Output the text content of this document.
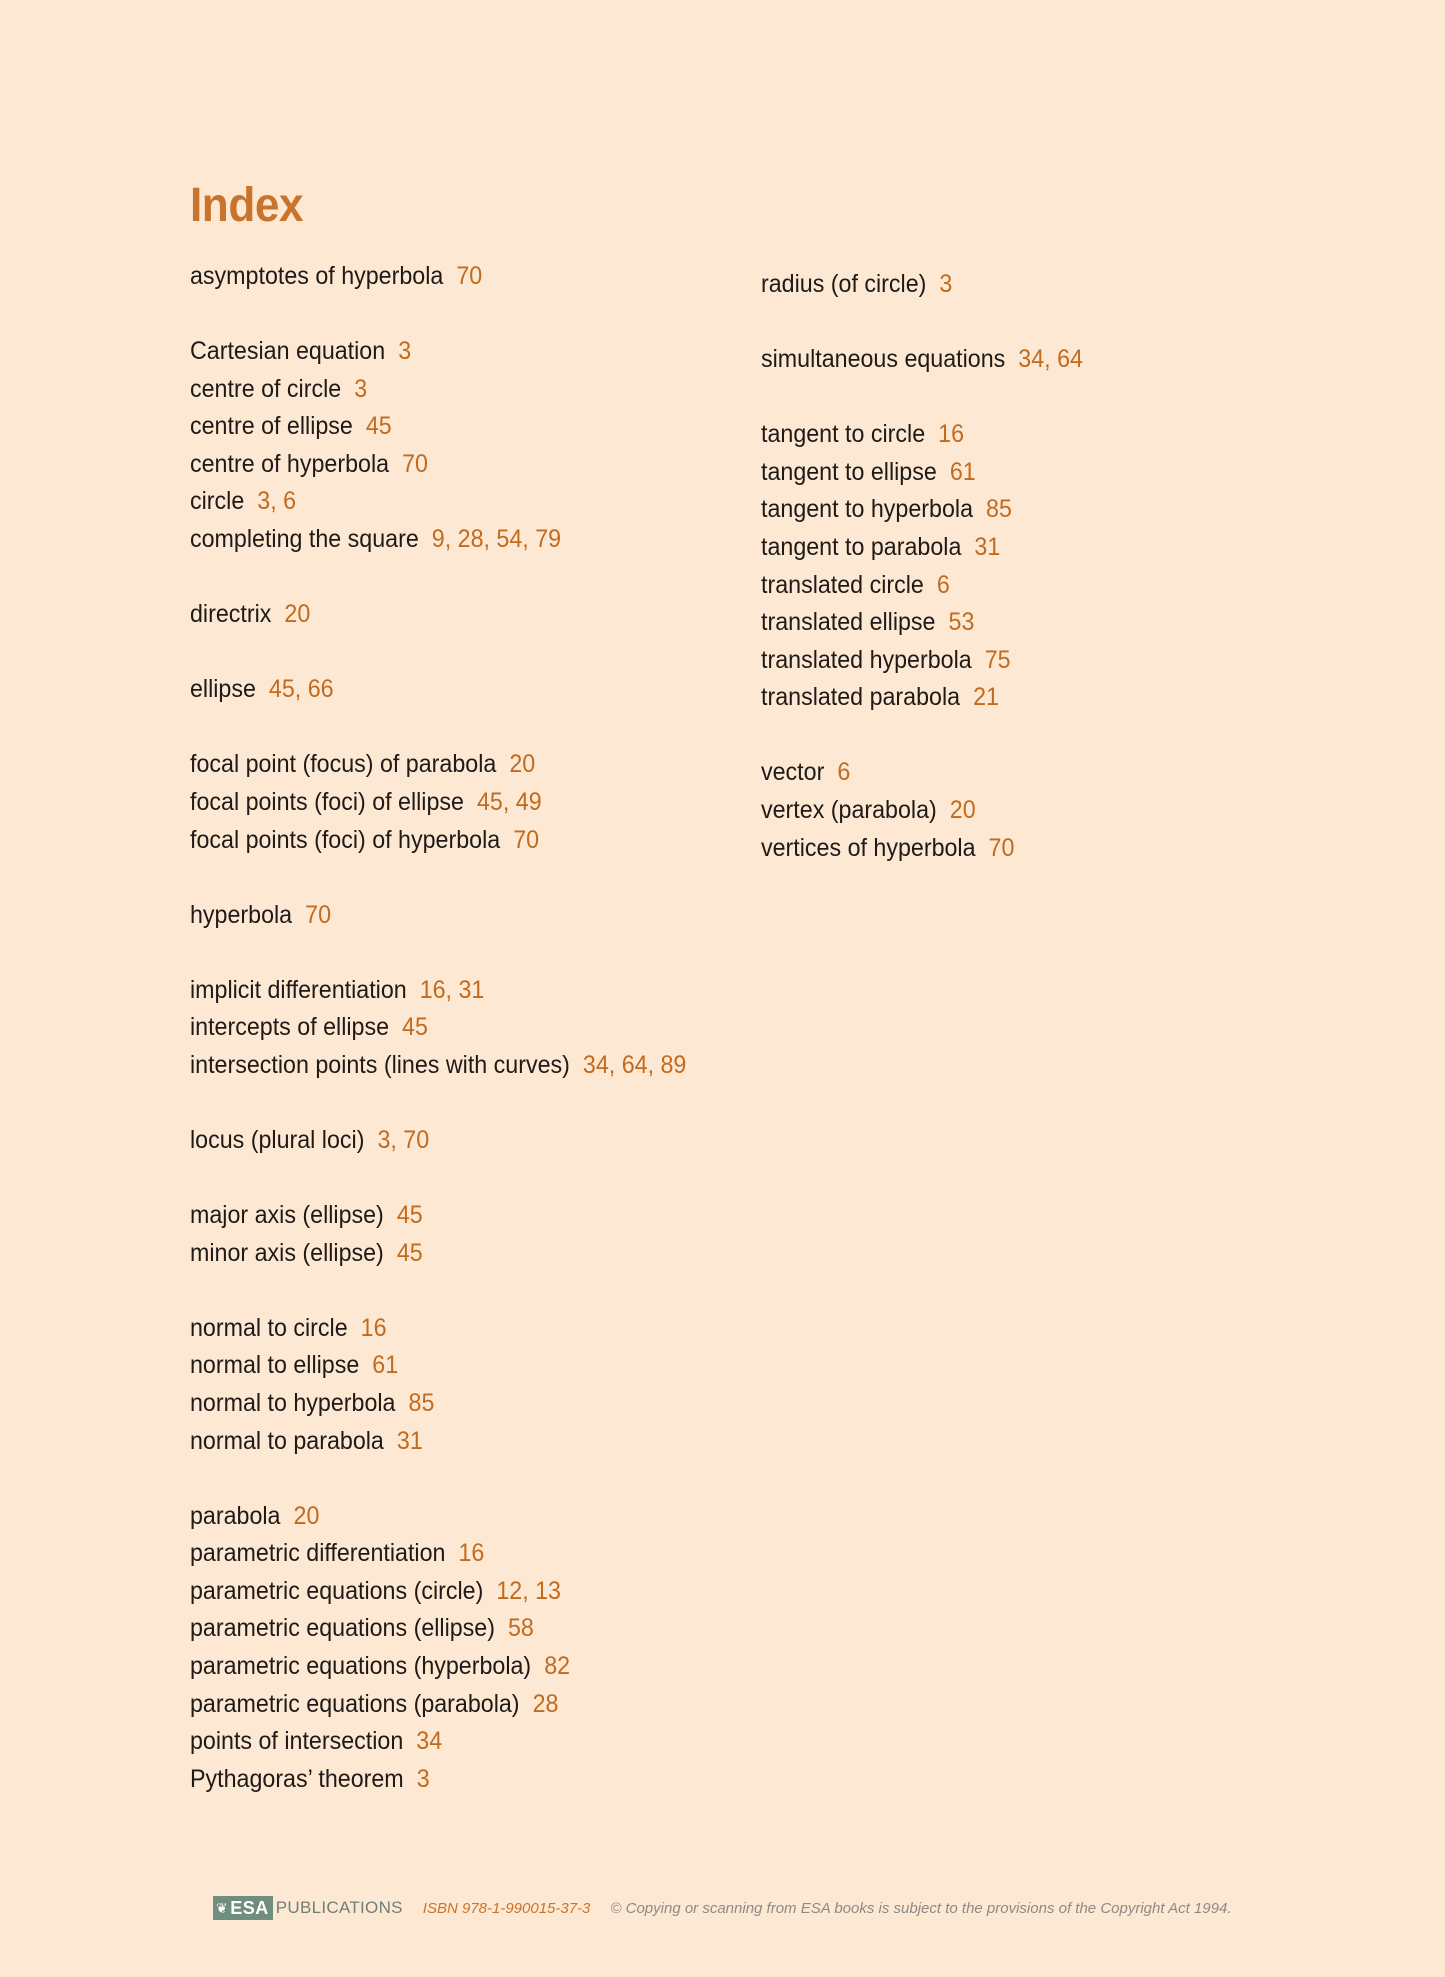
Index
asymptotes of hyperbola 70
Cartesian equation 3
centre of circle 3
centre of ellipse 45
centre of hyperbola 70
circle 3, 6
completing the square 9, 28, 54, 79
directrix 20
ellipse 45, 66
focal point (focus) of parabola 20
focal points (foci) of ellipse 45, 49
focal points (foci) of hyperbola 70
hyperbola 70
implicit differentiation 16, 31
intercepts of ellipse 45
intersection points (lines with curves) 34, 64, 89
locus (plural loci) 3, 70
major axis (ellipse) 45
minor axis (ellipse) 45
normal to circle 16
normal to ellipse 61
normal to hyperbola 85
normal to parabola 31
parabola 20
parametric differentiation 16
parametric equations (circle) 12, 13
parametric equations (ellipse) 58
parametric equations (hyperbola) 82
parametric equations (parabola) 28
points of intersection 34
Pythagoras’ theorem 3
radius (of circle) 3
simultaneous equations 34, 64
tangent to circle 16
tangent to ellipse 61
tangent to hyperbola 85
tangent to parabola 31
translated circle 6
translated ellipse 53
translated hyperbola 75
translated parabola 21
vector 6
vertex (parabola) 20
vertices of hyperbola 70
❦ ESA PUBLICATIONS ISBN 978-1-990015-37-3 © Copying or scanning from ESA books is subject to the provisions of the Copyright Act 1994.
